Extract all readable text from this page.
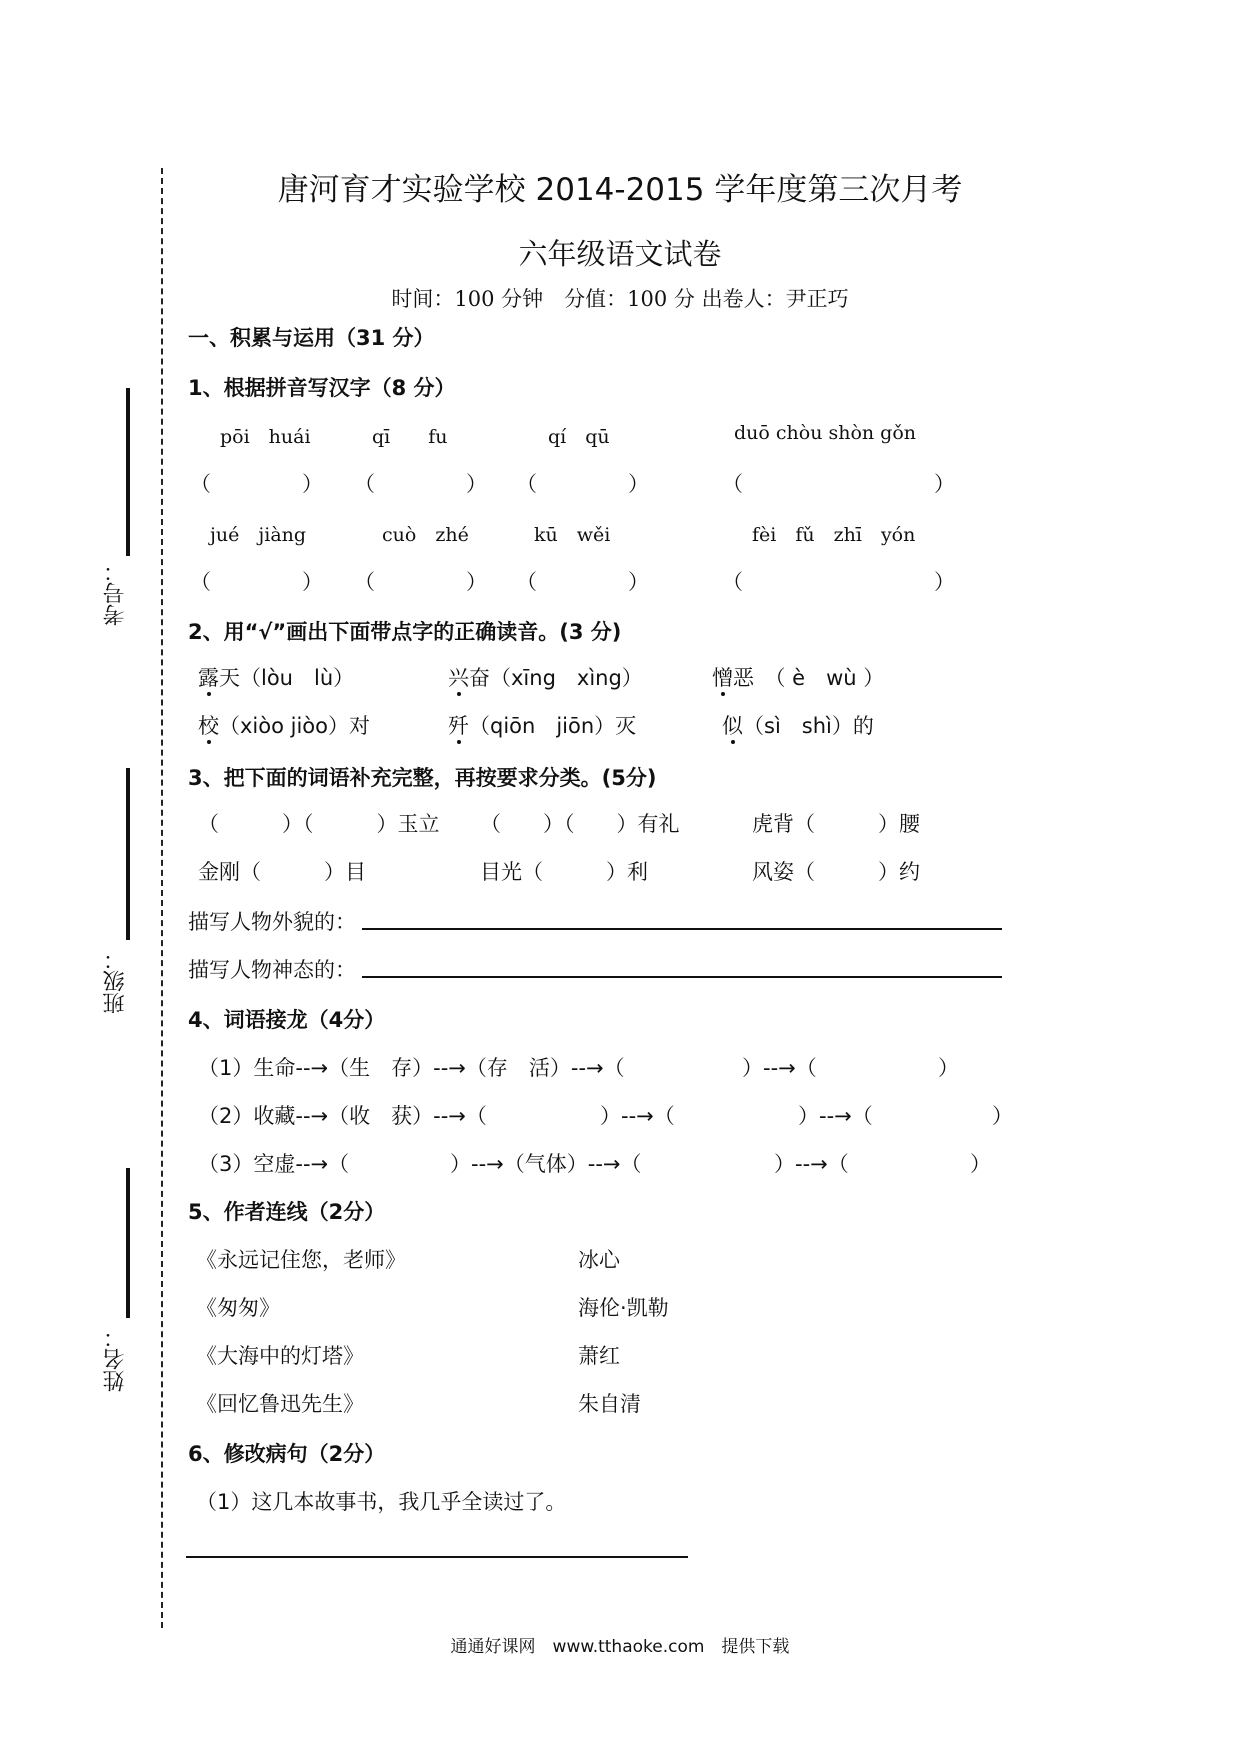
考号：
班级：
姓名：
唐河育才实验学校 2014-2015 学年度第三次月考
六年级语文试卷
时间：100 分钟　分值：100 分 出卷人：尹正巧
一、积累与运用（31 分）
1、根据拼音写汉字（8 分）
pōi　huái	qī　　fu	qí　qū	duō chòu shòn gǒn
（	） （	） （	）	（	）
jué　jiàng	cuò　zhé	kū　wěi	fèi　fǔ　zhī　yón
（	） （	） （	）	（	）
2、用“√”画出下面带点字的正确读音。(3 分)
露天（lòu　lù）	兴奋（xīng　xìng）	憎恶　（ è　wù ）
校（xiòo jiòo）对	歼（qiōn　jiōn）灭	似（sì　shì）的
3、把下面的词语补充完整，再按要求分类。(5分)
（　　　）（　　　）玉立 （　　）（　　）有礼	虎背（　　　）腰
金刚（　　　）目	目光（　　　）利	风姿（　　　）约
描写人物外貌的：
描写人物神态的：
4、词语接龙（4分）
（1）生命--→（生　存）--→（存　活）--→（	）--→（	）
（2）收藏--→（收　获）--→（	）--→（	）--→（	）
（3）空虚--→（	）--→（气体）--→（	）--→（	）
5、作者连线（2分）
《永远记住您，老师》	冰心
《匆匆》	海伦·凯勒
《大海中的灯塔》	萧红
《回忆鲁迅先生》	朱自清
6、修改病句（2分）
（1）这几本故事书，我几乎全读过了。
通通好课网　www.tthaoke.com　提供下载
